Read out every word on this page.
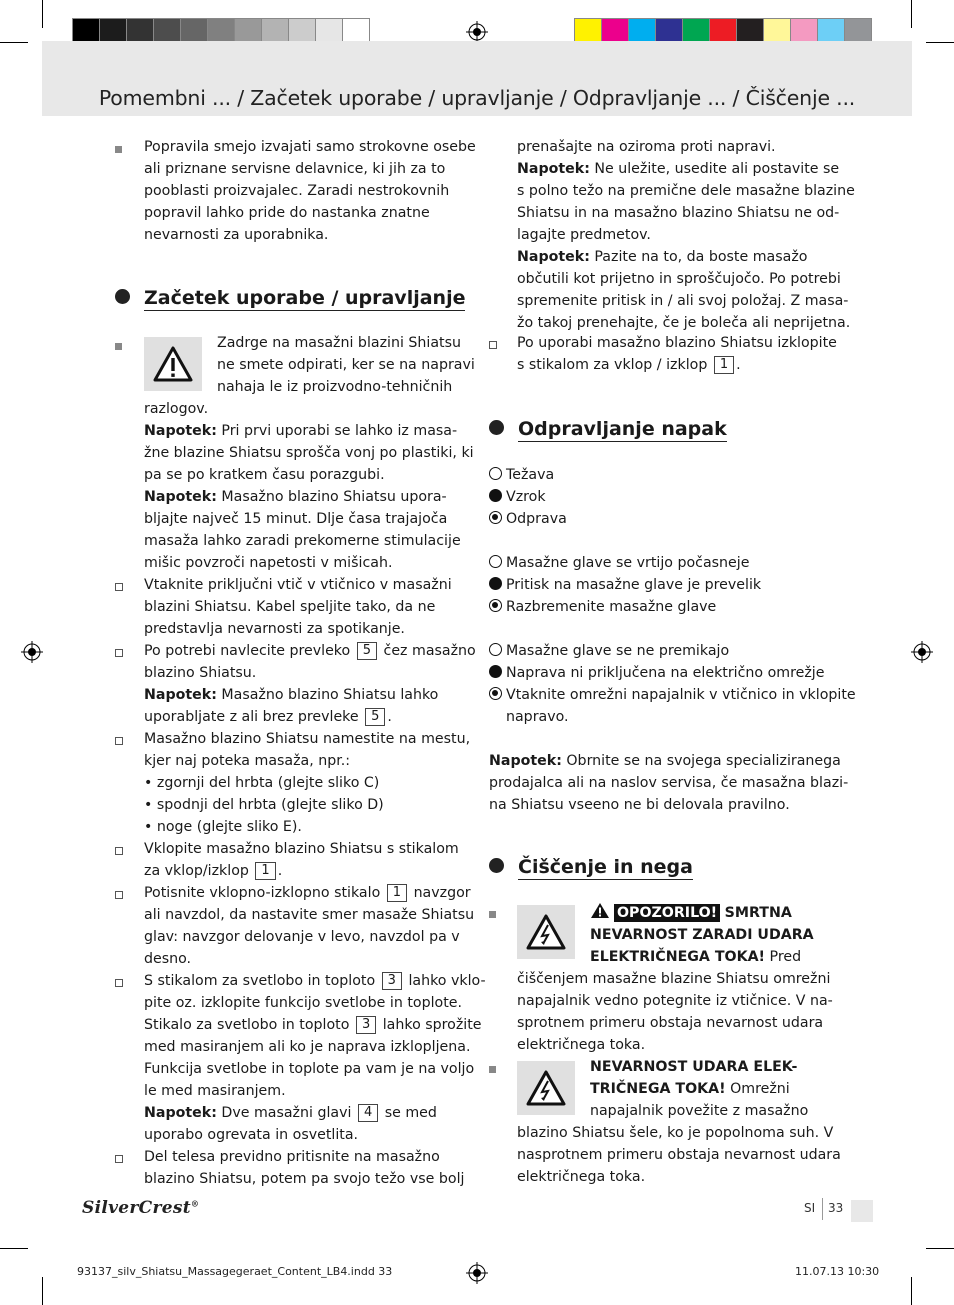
Pomembni ... / Začetek uporabe / upravljanje / Odpravljanje ... / Čiščenje ...
Popravila smejo izvajati samo strokovne osebe
ali priznane servisne delavnice, ki jih za to
pooblasti proizvajalec. Zaradi nestrokovnih
popravil lahko pride do nastanka znatne
nevarnosti za uporabnika.
Začetek uporabe / upravljanje
Zadrge na masažni blazini Shiatsu
ne smete odpirati, ker se na napravi
nahaja le iz proizvodno-tehničnih
razlogov.
Napotek: Pri prvi uporabi se lahko iz masa-
žne blazine Shiatsu sprošča vonj po plastiki, ki
pa se po kratkem času porazgubi.
Napotek: Masažno blazino Shiatsu upora-
bljajte največ 15 minut. Dlje časa trajajoča
masaža lahko zaradi prekomerne stimulacije
mišic povzroči napetosti v mišicah.
Vtaknite priključni vtič v vtičnico v masažni
blazini Shiatsu. Kabel speljite tako, da ne
predstavlja nevarnosti za spotikanje.
Po potrebi navlecite prevleko 5 čez masažno
blazino Shiatsu.
Napotek: Masažno blazino Shiatsu lahko
uporabljate z ali brez prevleke 5 .
Masažno blazino Shiatsu namestite na mestu,
kjer naj poteka masaža, npr.:
• zgornji del hrbta (glejte sliko C)
• spodnji del hrbta (glejte sliko D)
• noge (glejte sliko E).
Vklopite masažno blazino Shiatsu s stikalom
za vklop/izklop 1 .
Potisnite vklopno-izklopno stikalo 1 navzgor
ali navzdol, da nastavite smer masaže Shiatsu
glav: navzgor delovanje v levo, navzdol pa v
desno.
S stikalom za svetlobo in toploto 3 lahko vklo-
pite oz. izklopite funkcijo svetlobe in toplote.
Stikalo za svetlobo in toploto 3 lahko sprožite
med masiranjem ali ko je naprava izklopljena.
Funkcija svetlobe in toplote pa vam je na voljo
le med masiranjem.
Napotek: Dve masažni glavi 4 se med
uporabo ogrevata in osvetlita.
Del telesa previdno pritisnite na masažno
blazino Shiatsu, potem pa svojo težo vse bolj
prenašajte na oziroma proti napravi.
Napotek: Ne uležite, usedite ali postavite se
s polno težo na premične dele masažne blazine
Shiatsu in na masažno blazino Shiatsu ne od-
lagajte predmetov.
Napotek: Pazite na to, da boste masažo
občutili kot prijetno in sproščujočo. Po potrebi
spremenite pritisk in / ali svoj položaj. Z masa-
žo takoj prenehajte, če je boleča ali neprijetna.
Po uporabi masažno blazino Shiatsu izklopite
s stikalom za vklop / izklop 1 .
Odpravljanje napak
Težava
Vzrok
Odprava
Masažne glave se vrtijo počasneje
Pritisk na masažne glave je prevelik
Razbremenite masažne glave
Masažne glave se ne premikajo
Naprava ni priključena na električno omrežje
Vtaknite omrežni napajalnik v vtičnico in vklopite
napravo.
Napotek: Obrnite se na svojega specializiranega
prodajalca ali na naslov servisa, če masažna blazi-
na Shiatsu vseeno ne bi delovala pravilno.
Čiščenje in nega
OPOZORILO! SMRTNA
NEVARNOST ZARADI UDARA
ELEKTRIČNEGA TOKA! Pred
čiščenjem masažne blazine Shiatsu omrežni
napajalnik vedno potegnite iz vtičnice. V na-
sprotnem primeru obstaja nevarnost udara
električnega toka.
NEVARNOST UDARA ELEK-
TRIČNEGA TOKA! Omrežni
napajalnik povežite z masažno
blazino Shiatsu šele, ko je popolnoma suh. V
nasprotnem primeru obstaja nevarnost udara
električnega toka.
SilverCrest®	SI 33
93137_silv_Shiatsu_Massagegeraet_Content_LB4.indd 33	11.07.13 10:30
